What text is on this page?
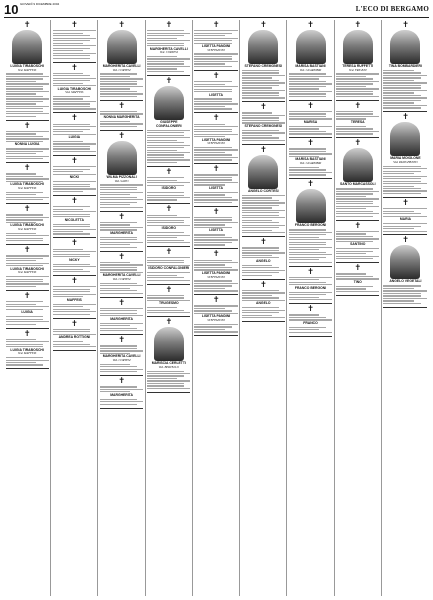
10 GIOVEDÌ 9 DICEMBRE 2004
L'ECO DI BERGAMO
✝
LUIGIA TIRABOSCHI
Ved. MAFFEIS
✝
NONNA LUIGIA
✝
LUIGIA TIRABOSCHI
Ved. MAFFEIS
✝
LUIGIA TIRABOSCHI
Ved. MAFFEIS
✝
LUIGIA TIRABOSCHI
Ved. MAFFEIS
✝
LUIGIA
✝
LUIGIA TIRABOSCHI
Ved. MAFFEIS
✝
✝
LUIGIA TIRABOSCHI
Ved. MAFFEIS
✝
LUIGIA
✝
NICKI
✝
NICOLETTA
✝
NICKY
✝
MAFFEIS
✝
ANDREA ROTTIGNI
✝
MARGHERITA CAVELLI
Ved. CORTESI
✝
NONNA MARGHERITA
✝
WILMA PIZZONALI
Ved. SAVIO
✝
MARGHERITA
✝
MARGHERITA CAVELLI
Ved. CORTESI
✝
MARGHERITA
✝
MARGHERITA CAVELLI
Ved. CORTESI
✝
MARGHERITA
✝
MARGHERITA CAVELLI
Ved. CORTESI
✝
GIUSEPPE CONFALONIERI
✝
ISIDORO
✝
ISIDORO
✝
ISIDORO CONFALONIERI
✝
TRUGESMO
✝
MARISCIA CERLETTI
Ved. BERTELLO
✝
LISETTA PANDINI
STEFFANONI
✝
LISETTA
✝
LISETTA PANDINI
STEFFANONI
✝
LISETTA
✝
LISETTA
✝
LISETTA PANDINI
STEFFANONI
✝
LISETTA PANDINI
STEFFANONI
✝
STEFANO CREMONESI
✝
STEFANO CREMONESI
✝
ANGELO CORTESI
✝
ANGELO
✝
ANGELO
✝
MARISA BASTIANI
Ved. GUARNIERI
✝
MARISA
✝
MARISA BASTIANI
Ved. GUARNIERI
✝
FRANCO BERGONI
✝
FRANCO BERGONI
✝
FRANCO
✝
TERESA RUFFETTI
Ved. FRIGENI
✝
TERESA
✝
SANTO MARCASSOLI
✝
SANTINO
✝
TINO
✝
TINA BOMBARDIERI
✝
MARIA MOIOLONE
Ved. PANIGHENNO
✝
MARIA
✝
ANGELO VEGETALI
